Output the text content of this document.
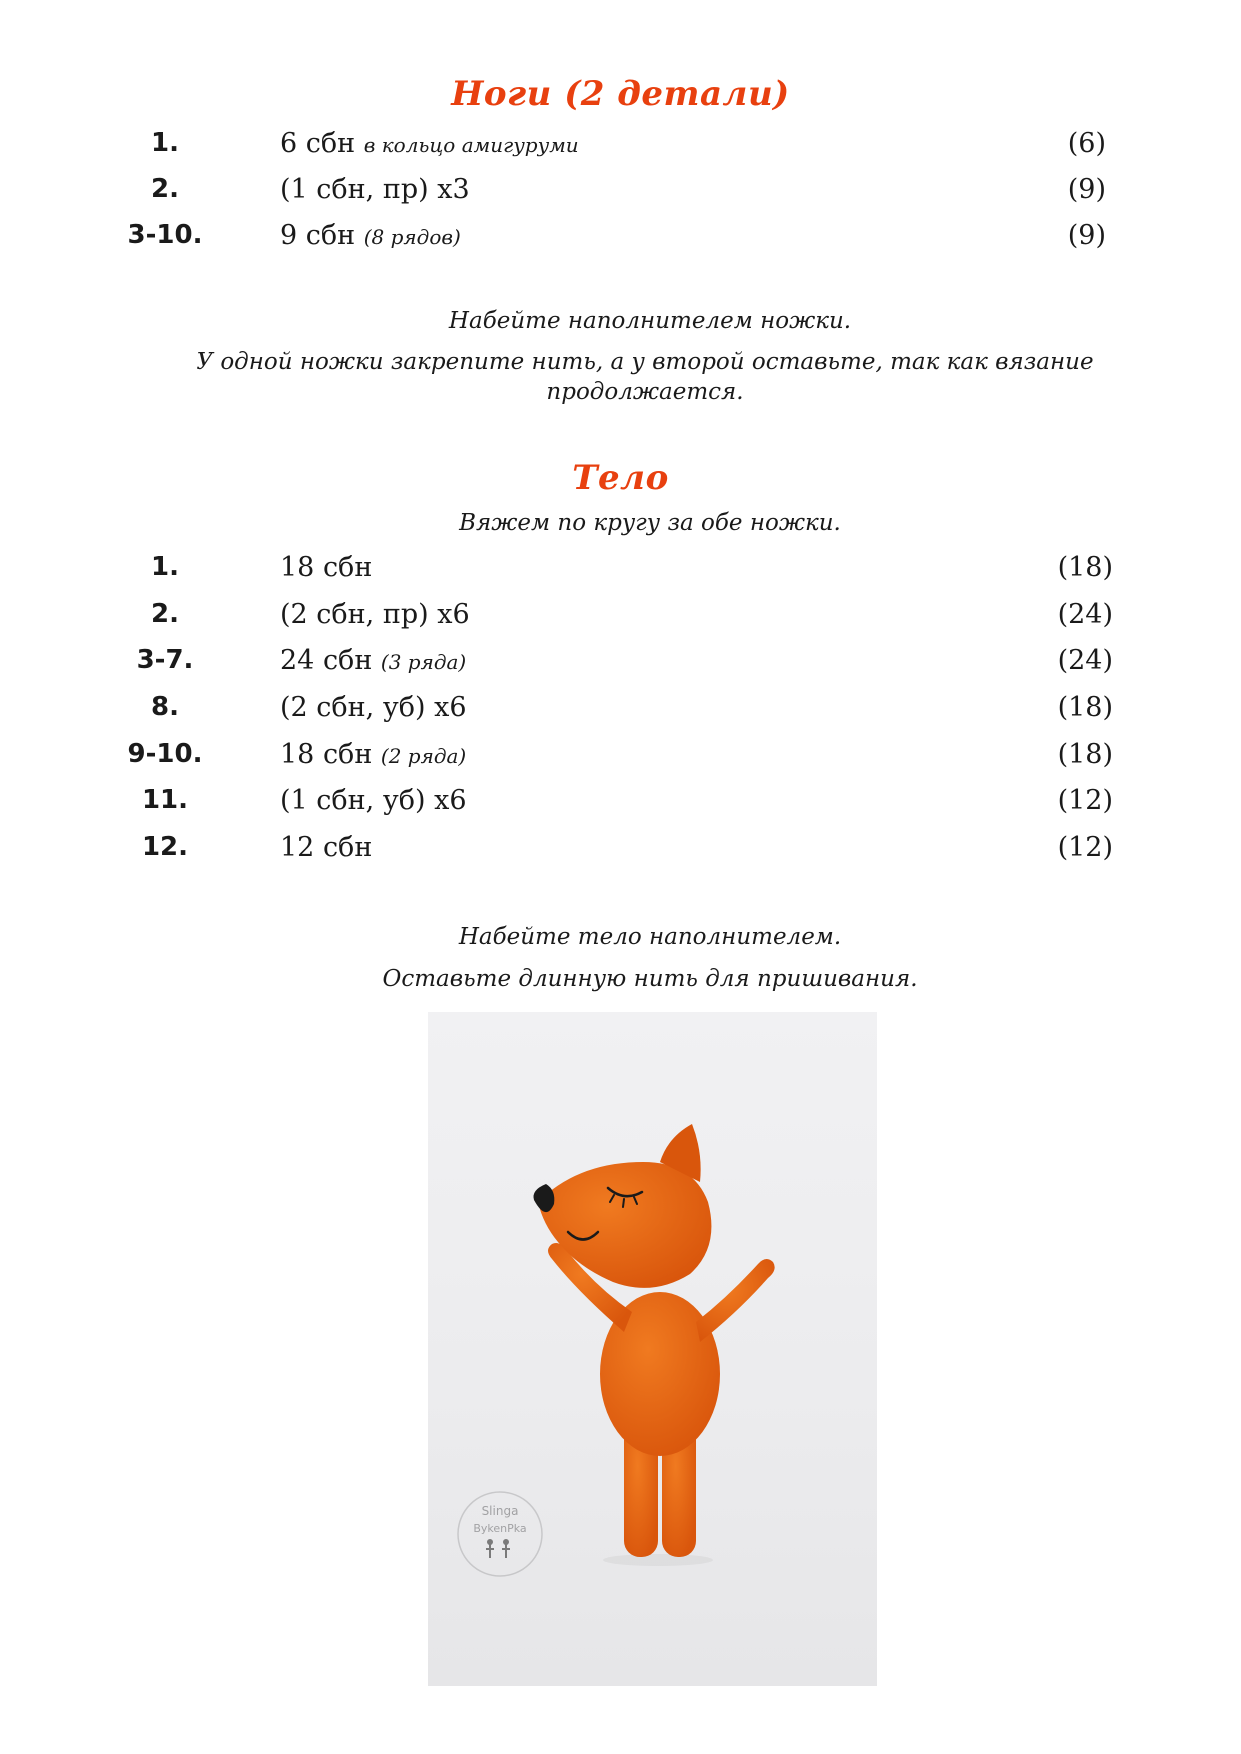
Ноги (2 детали)
1.	6 сбн в кольцо амигуруми	(6)
2.	(1 сбн, пр) х3	(9)
3-10.	9 сбн (8 рядов)	(9)
Набейте наполнителем ножки.
У одной ножки закрепите нить, а у второй оставьте, так как вязание продолжается.
Тело
Вяжем по кругу за обе ножки.
1.	18 сбн	(18)
2.	(2 сбн, пр) х6	(24)
3-7.	24 сбн (3 ряда)	(24)
8.	(2 сбн, уб) х6	(18)
9-10.	18 сбн (2 ряда)	(18)
11.	(1 сбн, уб) х6	(12)
12.	12 сбн	(12)
Набейте тело наполнителем.
Оставьте длинную нить для пришивания.
Slinga
BykenPka
